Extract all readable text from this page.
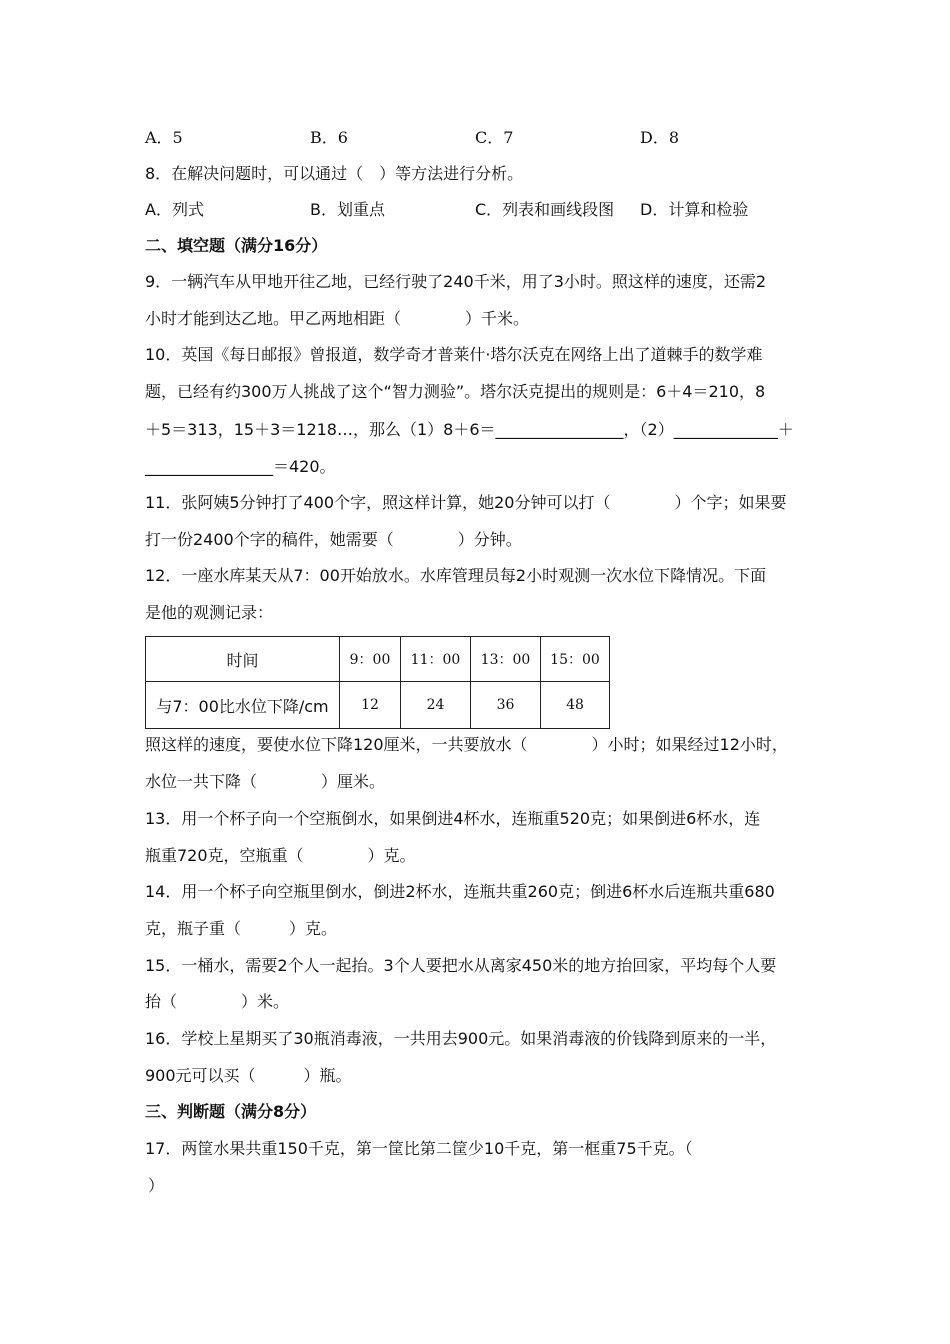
A．5	B．6	C．7	D．8
8．在解决问题时，可以通过（　）等方法进行分析。
A．列式	B．划重点	C．列表和画线段图 D．计算和检验
二、填空题（满分16分）
9．一辆汽车从甲地开往乙地，已经行驶了240千米，用了3小时。照这样的速度，还需2
小时才能到达乙地。甲乙两地相距（　　　　）千米。
10．英国《每日邮报》曾报道，数学奇才普莱什·塔尔沃克在网络上出了道棘手的数学难
题，已经有约300万人挑战了这个“智力测验”。塔尔沃克提出的规则是：6＋4＝210，8
＋5＝313，15＋3＝1218…，那么（1）8＋6＝________________，（2）_____________＋
________________＝420。
11．张阿姨5分钟打了400个字，照这样计算，她20分钟可以打（　　　　）个字；如果要
打一份2400个字的稿件，她需要（　　　　）分钟。
12．一座水库某天从7：00开始放水。水库管理员每2小时观测一次水位下降情况。下面
是他的观测记录：
时间	9：00	11：00	13：00	15：00
与7：00比水位下降/cm	12	24	36	48
照这样的速度，要使水位下降120厘米，一共要放水（　　　　）小时；如果经过12小时，
水位一共下降（　　　　）厘米。
13．用一个杯子向一个空瓶倒水，如果倒进4杯水，连瓶重520克；如果倒进6杯水，连
瓶重720克，空瓶重（　　　　）克。
14．用一个杯子向空瓶里倒水，倒进2杯水，连瓶共重260克；倒进6杯水后连瓶共重680
克，瓶子重（　　　）克。
15．一桶水，需要2个人一起抬。3个人要把水从离家450米的地方抬回家，平均每个人要
抬（　　　　）米。
16．学校上星期买了30瓶消毒液，一共用去900元。如果消毒液的价钱降到原来的一半，
900元可以买（　　　）瓶。
三、判断题（满分8分）
17．两筐水果共重150千克，第一筐比第二筐少10千克，第一框重75千克。（
）
